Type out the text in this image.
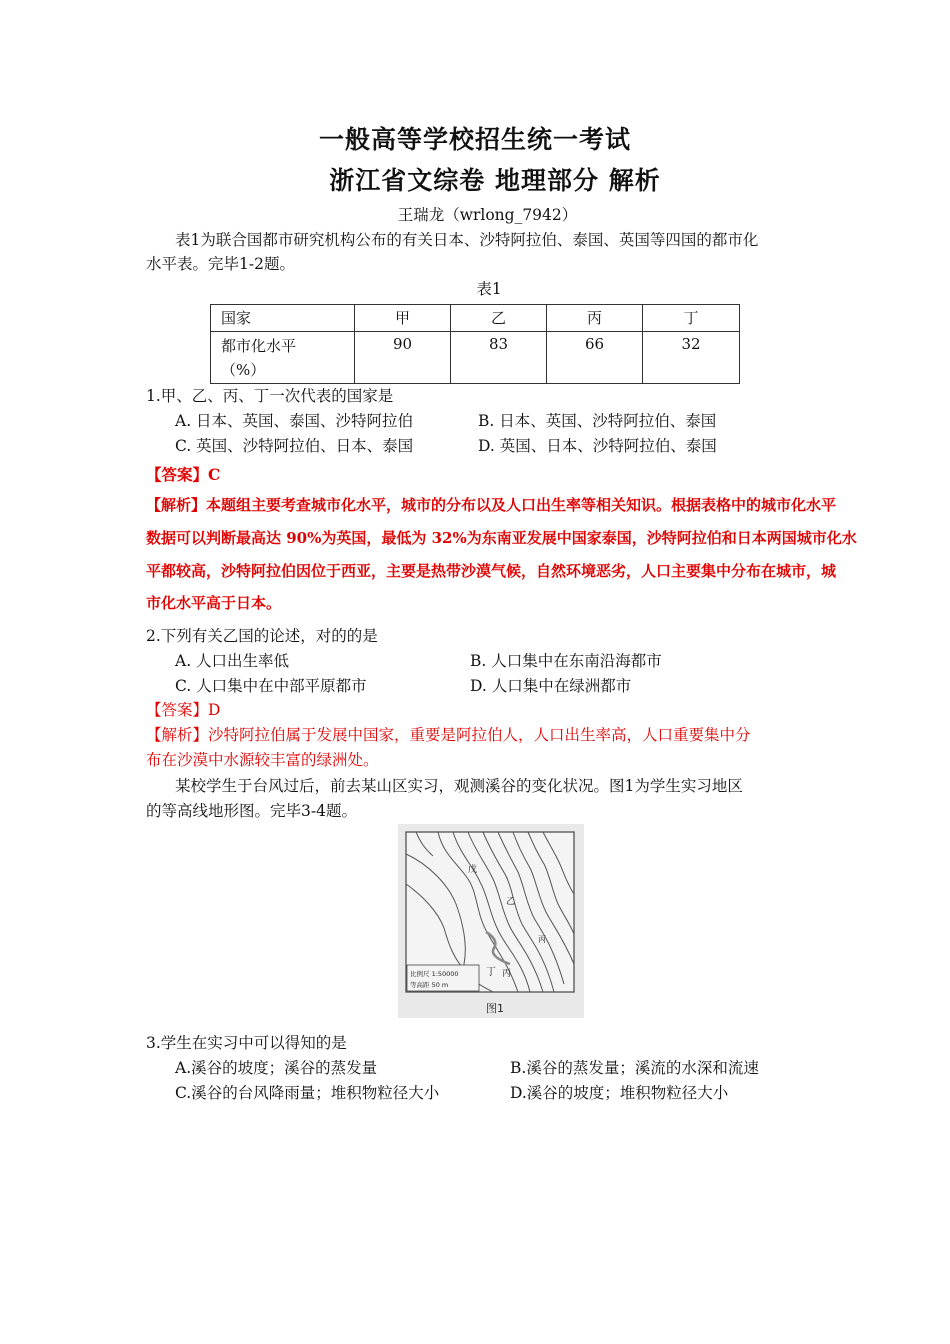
一般高等学校招生统一考试
浙江省文综卷 地理部分 解析
王瑞龙（wrlong_7942）
表1为联合国都市研究机构公布的有关日本、沙特阿拉伯、泰国、英国等四国的都市化
水平表。完毕1-2题。
表1
国家	甲	乙	丙	丁

都市化水平
（%）	90	83	66	32
1.甲、乙、丙、丁一次代表的国家是
A. 日本、英国、泰国、沙特阿拉伯	B. 日本、英国、沙特阿拉伯、泰国
C. 英国、沙特阿拉伯、日本、泰国	D. 英国、日本、沙特阿拉伯、泰国
【答案】C
【解析】本题组主要考查城市化水平，城市的分布以及人口出生率等相关知识。根据表格中的城市化水平
数据可以判断最高达 90%为英国，最低为 32%为东南亚发展中国家泰国，沙特阿拉伯和日本两国城市化水
平都较高，沙特阿拉伯因位于西亚，主要是热带沙漠气候，自然环境恶劣，人口主要集中分布在城市，城
市化水平高于日本。
2.下列有关乙国的论述，对的的是
A. 人口出生率低	B. 人口集中在东南沿海都市
C. 人口集中在中部平原都市	D. 人口集中在绿洲都市
【答案】D
【解析】沙特阿拉伯属于发展中国家，重要是阿拉伯人，人口出生率高，人口重要集中分
布在沙漠中水源较丰富的绿洲处。
某校学生于台风过后，前去某山区实习，观测溪谷的变化状况。图1为学生实习地区
的等高线地形图。完毕3-4题。
戊
乙
丙
丁 丙
比例尺 1:50000
等高距 50 m
图1
3.学生在实习中可以得知的是
A.溪谷的坡度；溪谷的蒸发量	B.溪谷的蒸发量；溪流的水深和流速
C.溪谷的台风降雨量；堆积物粒径大小	D.溪谷的坡度；堆积物粒径大小
